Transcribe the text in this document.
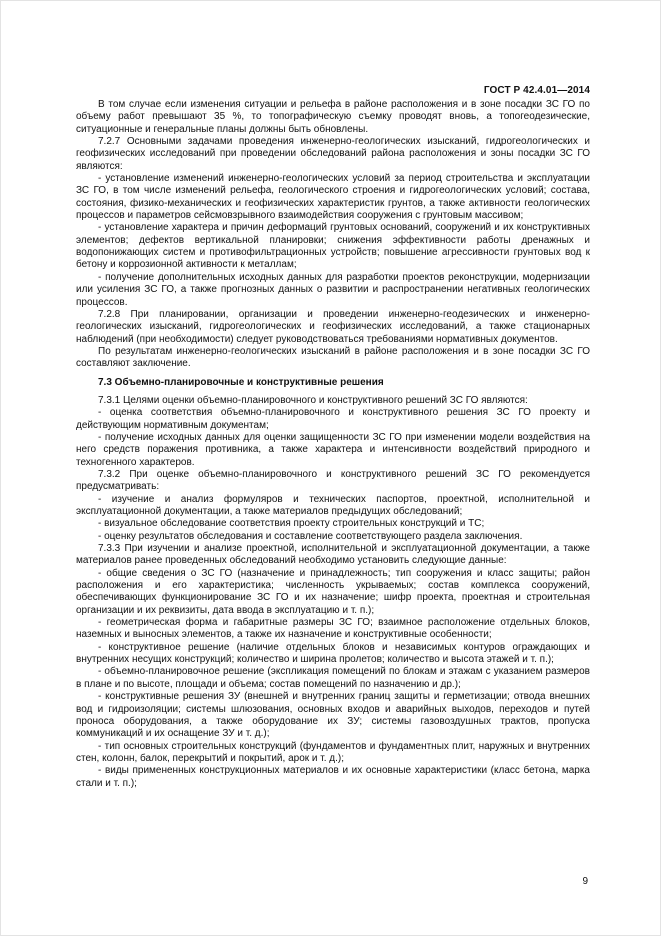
ГОСТ Р 42.4.01—2014

В том случае если изменения ситуации и рельефа в районе расположения и в зоне посадки ЗС ГО по объему работ превышают 35 %, то топографическую съемку проводят вновь, а топогеодезические, ситуационные и генеральные планы должны быть обновлены.

7.2.7 Основными задачами проведения инженерно-геологических изысканий, гидрогеологических и геофизических исследований при проведении обследований района расположения и зоны посадки ЗС ГО являются:

- установление изменений инженерно-геологических условий за период строительства и эксплуатации ЗС ГО, в том числе изменений рельефа, геологического строения и гидрогеологических условий; состава, состояния, физико-механических и геофизических характеристик грунтов, а также активности геологических процессов и параметров сейсмовзрывного взаимодействия сооружения с грунтовым массивом;

- установление характера и причин деформаций грунтовых оснований, сооружений и их конструктивных элементов; дефектов вертикальной планировки; снижения эффективности работы дренажных и водопонижающих систем и противофильтрационных устройств; повышение агрессивности грунтовых вод к бетону и коррозионной активности к металлам;

- получение дополнительных исходных данных для разработки проектов реконструкции, модернизации или усиления ЗС ГО, а также прогнозных данных о развитии и распространении негативных геологических процессов.

7.2.8 При планировании, организации и проведении инженерно-геодезических и инженерно-геологических изысканий, гидрогеологических и геофизических исследований, а также стационарных наблюдений (при необходимости) следует руководствоваться требованиями нормативных документов.

По результатам инженерно-геологических изысканий в районе расположения и в зоне посадки ЗС ГО составляют заключение.

7.3 Объемно-планировочные и конструктивные решения

7.3.1 Целями оценки объемно-планировочного и конструктивного решений ЗС ГО являются:

- оценка соответствия объемно-планировочного и конструктивного решения ЗС ГО проекту и действующим нормативным документам;

- получение исходных данных для оценки защищенности ЗС ГО при изменении модели воздействия на него средств поражения противника, а также характера и интенсивности воздействий природного и техногенного характеров.

7.3.2 При оценке объемно-планировочного и конструктивного решений ЗС ГО рекомендуется предусматривать:

- изучение и анализ формуляров и технических паспортов, проектной, исполнительной и эксплуатационной документации, а также материалов предыдущих обследований;

- визуальное обследование соответствия проекту строительных конструкций и ТС;

- оценку результатов обследования и составление соответствующего раздела заключения.

7.3.3 При изучении и анализе проектной, исполнительной и эксплуатационной документации, а также материалов ранее проведенных обследований необходимо установить следующие данные:

- общие сведения о ЗС ГО (назначение и принадлежность; тип сооружения и класс защиты; район расположения и его характеристика; численность укрываемых; состав комплекса сооружений, обеспечивающих функционирование ЗС ГО и их назначение; шифр проекта, проектная и строительная организации и их реквизиты, дата ввода в эксплуатацию и т. п.);

- геометрическая форма и габаритные размеры ЗС ГО; взаимное расположение отдельных блоков, наземных и выносных элементов, а также их назначение и конструктивные особенности;

- конструктивное решение (наличие отдельных блоков и независимых контуров ограждающих и внутренних несущих конструкций; количество и ширина пролетов; количество и высота этажей и т. п.);

- объемно-планировочное решение (экспликация помещений по блокам и этажам с указанием размеров в плане и по высоте, площади и объема; состав помещений по назначению и др.);

- конструктивные решения ЗУ (внешней и внутренних границ защиты и герметизации; отвода внешних вод и гидроизоляции; системы шлюзования, основных входов и аварийных выходов, переходов и путей проноса оборудования, а также оборудование их ЗУ; системы газовоздушных трактов, пропуска коммуникаций и их оснащение ЗУ и т. д.);

- тип основных строительных конструкций (фундаментов и фундаментных плит, наружных и внутренних стен, колонн, балок, перекрытий и покрытий, арок и т. д.);

- виды примененных конструкционных материалов и их основные характеристики (класс бетона, марка стали и т. п.);

9
